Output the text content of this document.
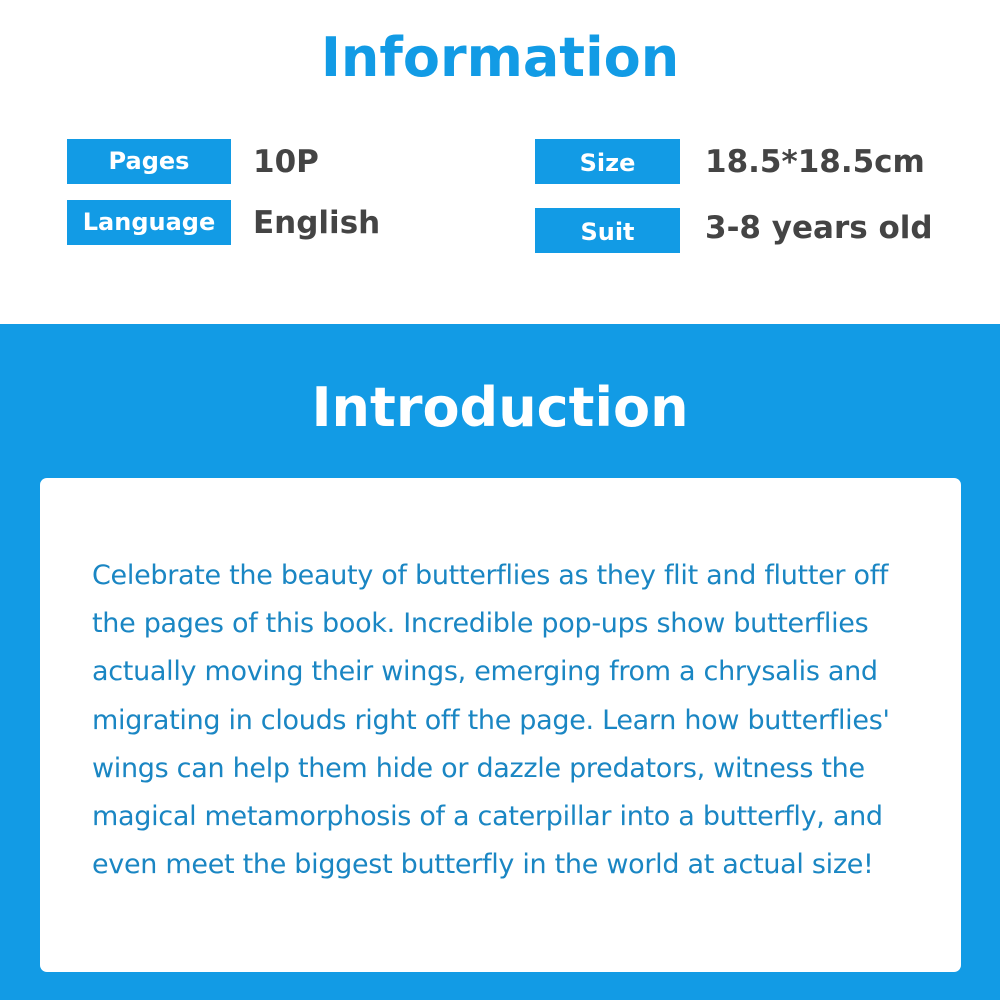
Information
Pages	10P
Language	English
Size	18.5*18.5cm
Suit	3-8 years old
Introduction

Celebrate the beauty of butterflies as they flit and flutter off the pages of this book. Incredible pop-ups show butterflies actually moving their wings, emerging from a chrysalis and migrating in clouds right off the page. Learn how butterflies' wings can help them hide or dazzle predators, witness the magical metamorphosis of a caterpillar into a butterfly, and even meet the biggest butterfly in the world at actual size!
